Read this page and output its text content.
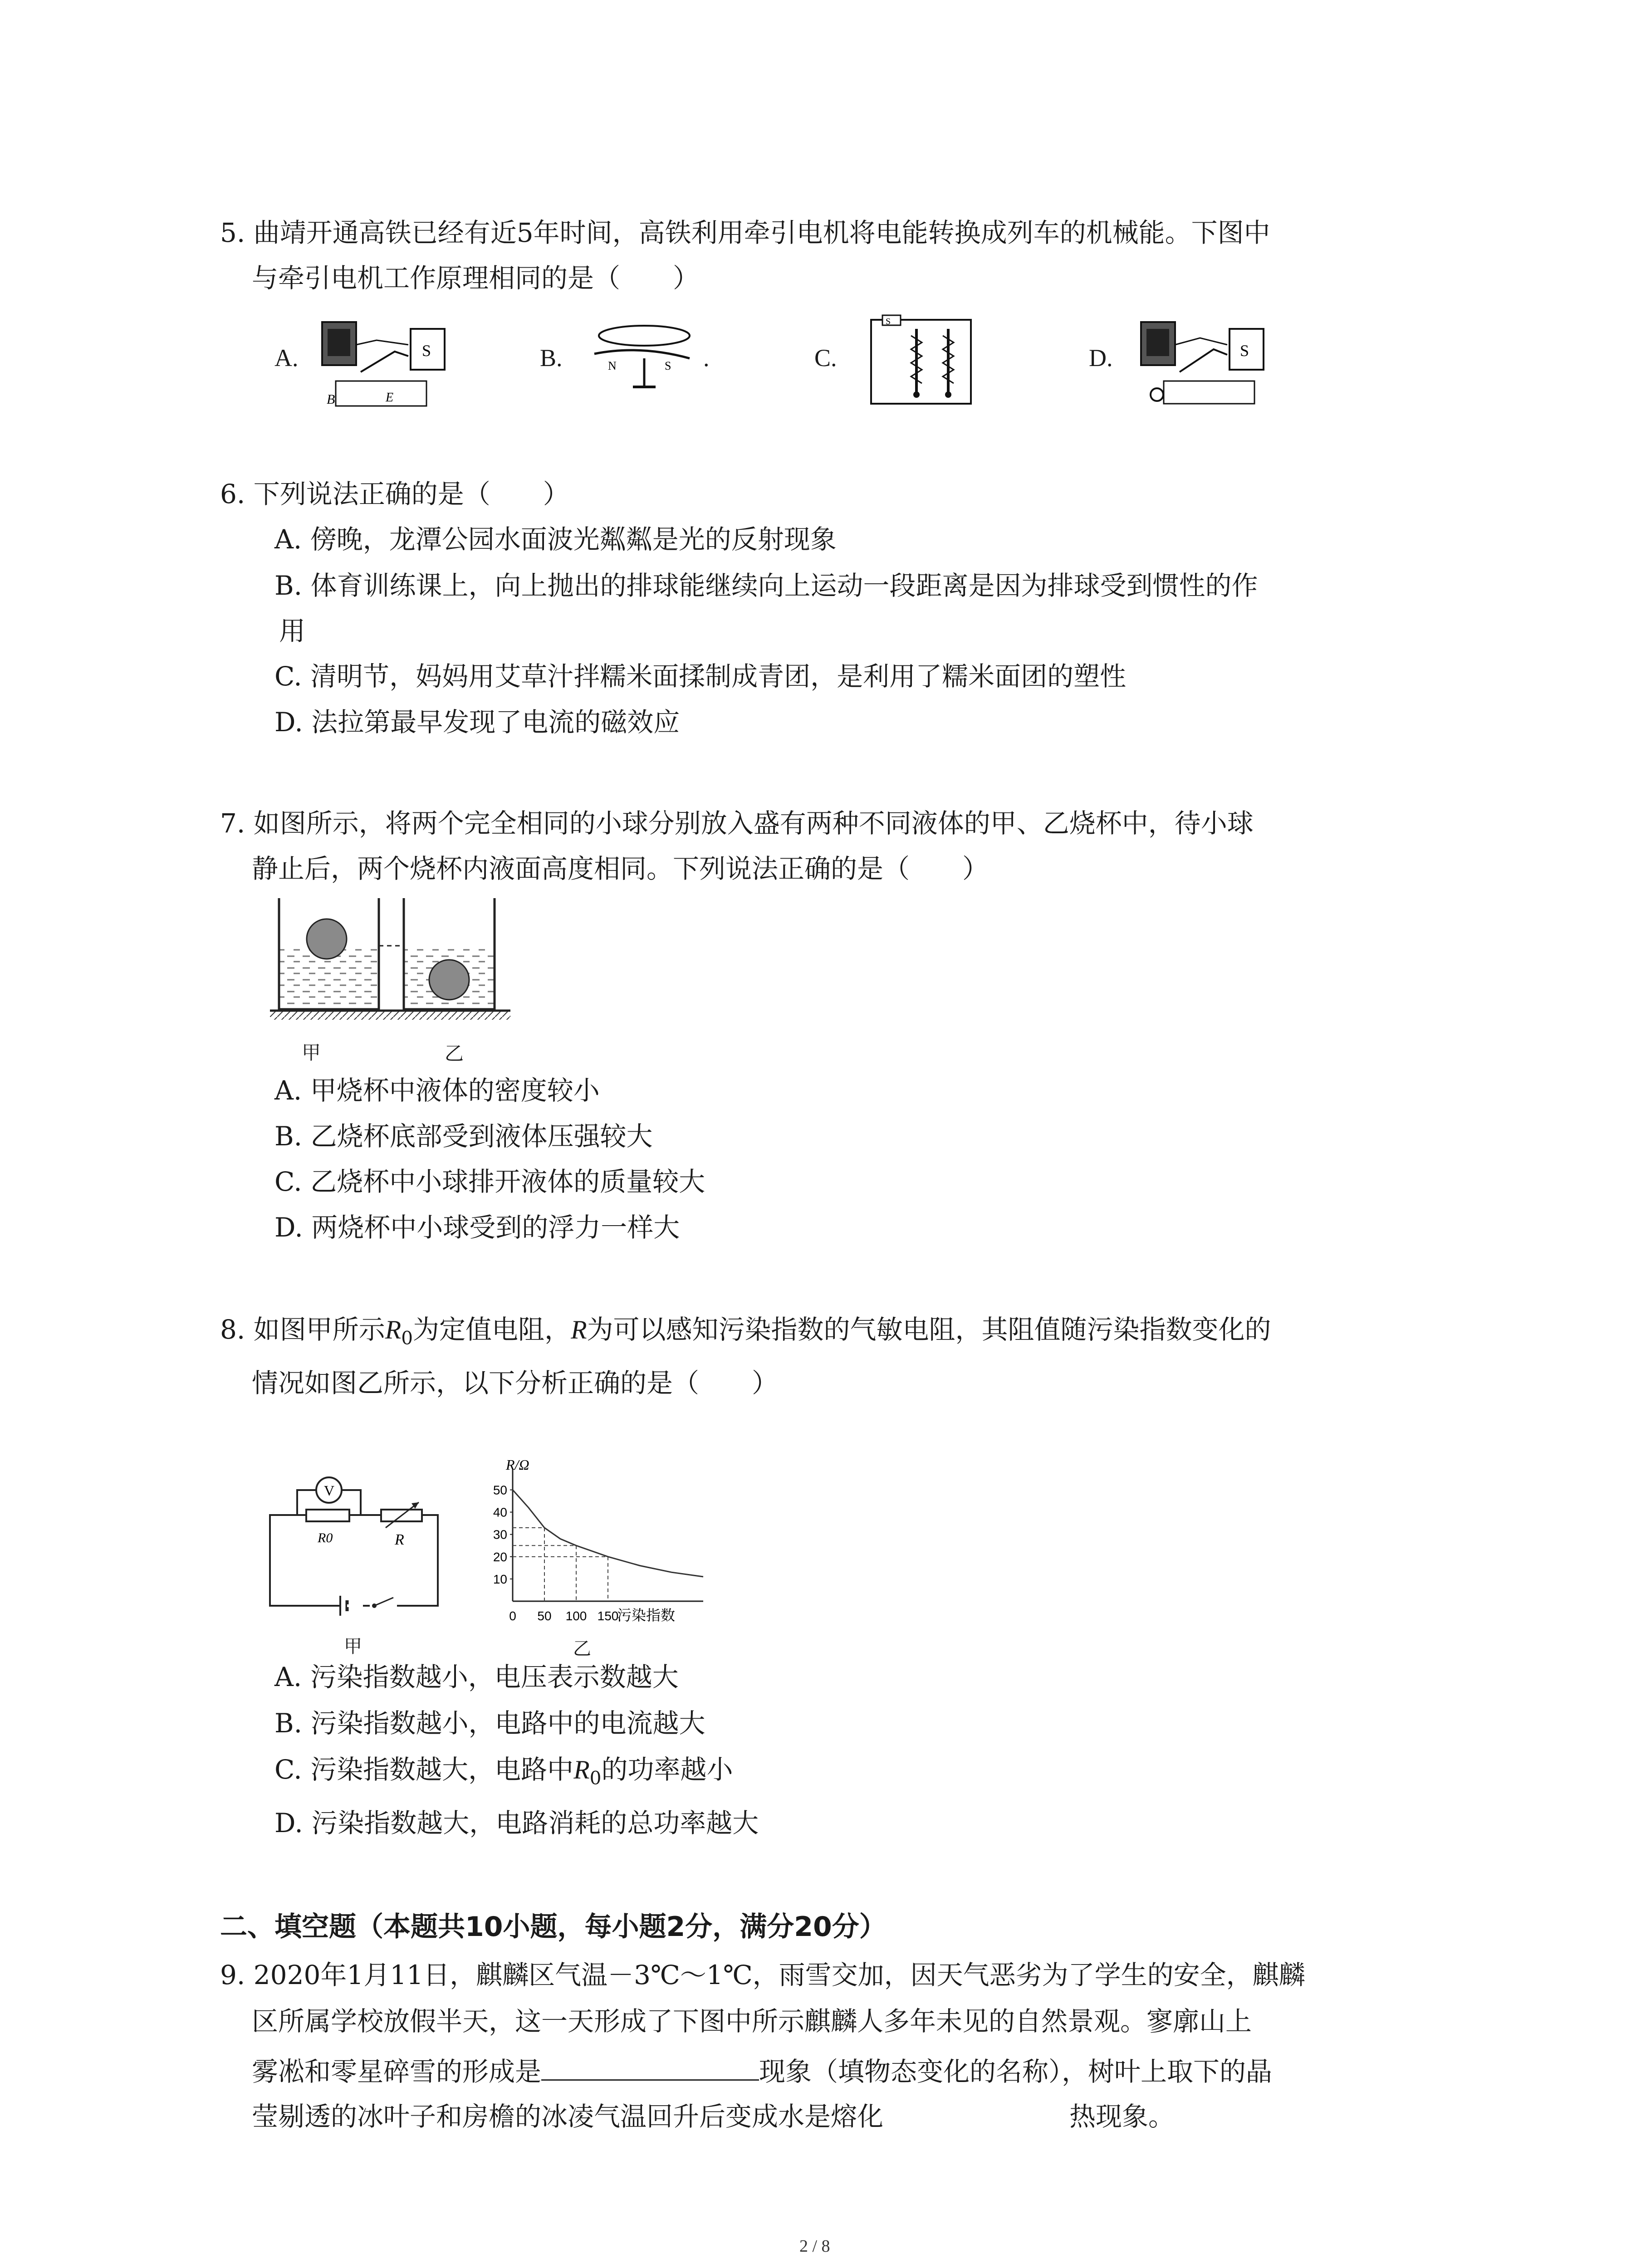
5. 曲靖开通高铁已经有近5年时间，高铁利用牵引电机将电能转换成列车的机械能。下图中
与牵引电机工作原理相同的是（　　）
A.	S
B	E
B.	N	S .	C.
S
D.	S
6. 下列说法正确的是（　　）
A. 傍晚，龙潭公园水面波光粼粼是光的反射现象
B. 体育训练课上，向上抛出的排球能继续向上运动一段距离是因为排球受到惯性的作
用
C. 清明节，妈妈用艾草汁拌糯米面揉制成青团，是利用了糯米面团的塑性
D. 法拉第最早发现了电流的磁效应
7. 如图所示，将两个完全相同的小球分别放入盛有两种不同液体的甲、乙烧杯中，待小球
静止后，两个烧杯内液面高度相同。下列说法正确的是（　　）
甲	乙
A. 甲烧杯中液体的密度较小
B. 乙烧杯底部受到液体压强较大
C. 乙烧杯中小球排开液体的质量较大
D. 两烧杯中小球受到的浮力一样大
8. 如图甲所示$R_0$为定值电阻，R为可以感知污染指数的气敏电阻，其阻值随污染指数变化的
情况如图乙所示，以下分析正确的是（　　）
V
R0	R
甲
R/Ω
污染指数
10
20
30
40
50
0 50 100 150
乙
A. 污染指数越小，电压表示数越大
B. 污染指数越小，电路中的电流越大
C. 污染指数越大，电路中$R_0$的功率越小
D. 污染指数越大，电路消耗的总功率越大
二、填空题（本题共10小题，每小题2分，满分20分）
9. 2020年1月11日，麒麟区气温－3℃～1℃，雨雪交加，因天气恶劣为了学生的安全，麒麟
区所属学校放假半天，这一天形成了下图中所示麒麟人多年未见的自然景观。寥廓山上
雾凇和零星碎雪的形成是	现象（填物态变化的名称），树叶上取下的晶
莹剔透的冰叶子和房檐的冰凌气温回升后变成水是熔化	热现象。
2 / 8
